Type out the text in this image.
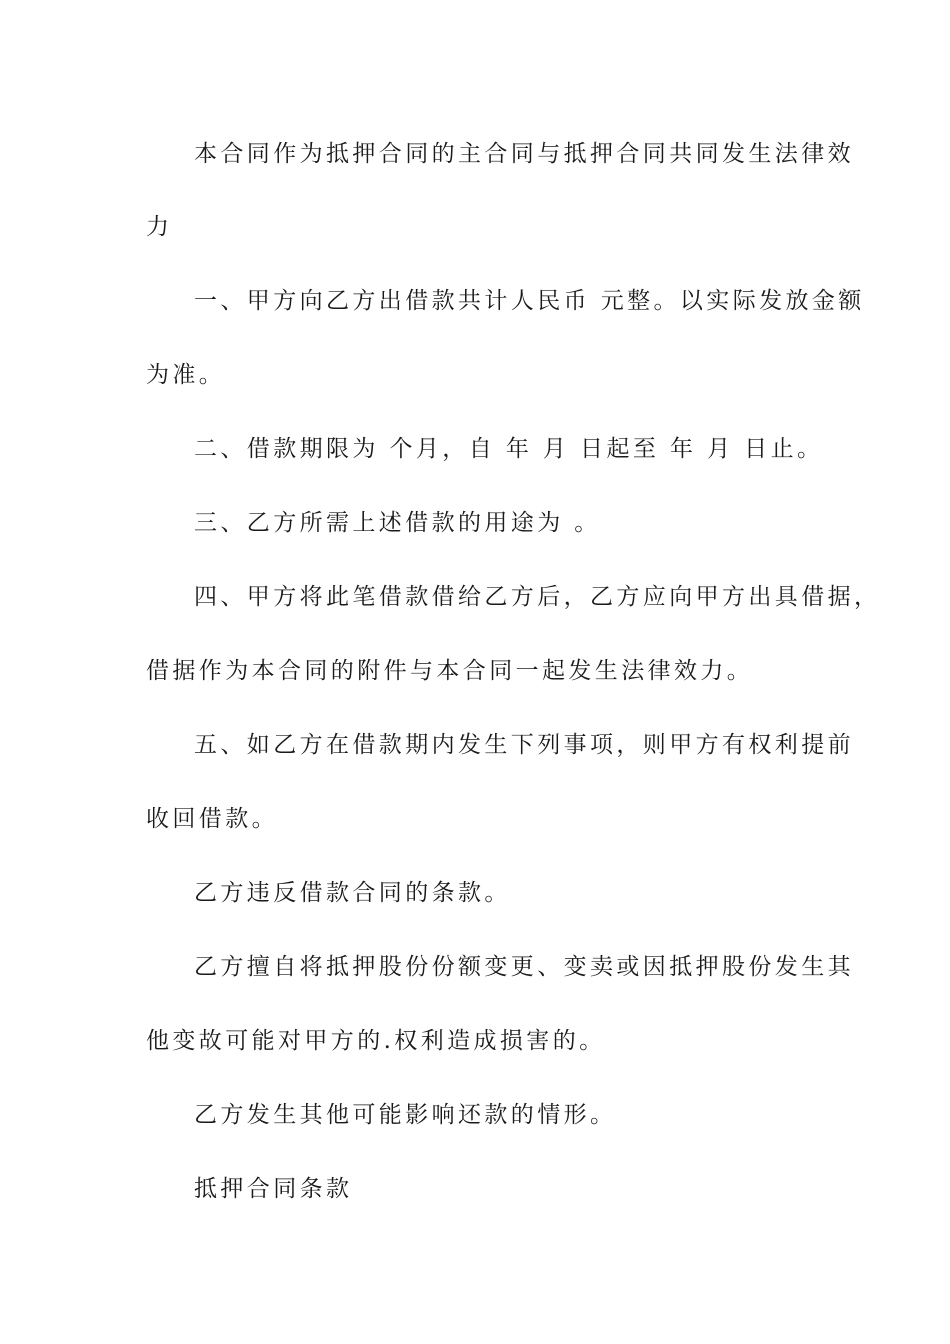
本合同作为抵押合同的主合同与抵押合同共同发生法律效
力
一、甲方向乙方出借款共计人民币 元整。以实际发放金额
为准。
二、借款期限为 个月，自 年 月 日起至 年 月 日止。
三、乙方所需上述借款的用途为 。
四、甲方将此笔借款借给乙方后，乙方应向甲方出具借据，
借据作为本合同的附件与本合同一起发生法律效力。
五、如乙方在借款期内发生下列事项，则甲方有权利提前
收回借款。
乙方违反借款合同的条款。
乙方擅自将抵押股份份额变更、变卖或因抵押股份发生其
他变故可能对甲方的.权利造成损害的。
乙方发生其他可能影响还款的情形。
抵押合同条款
